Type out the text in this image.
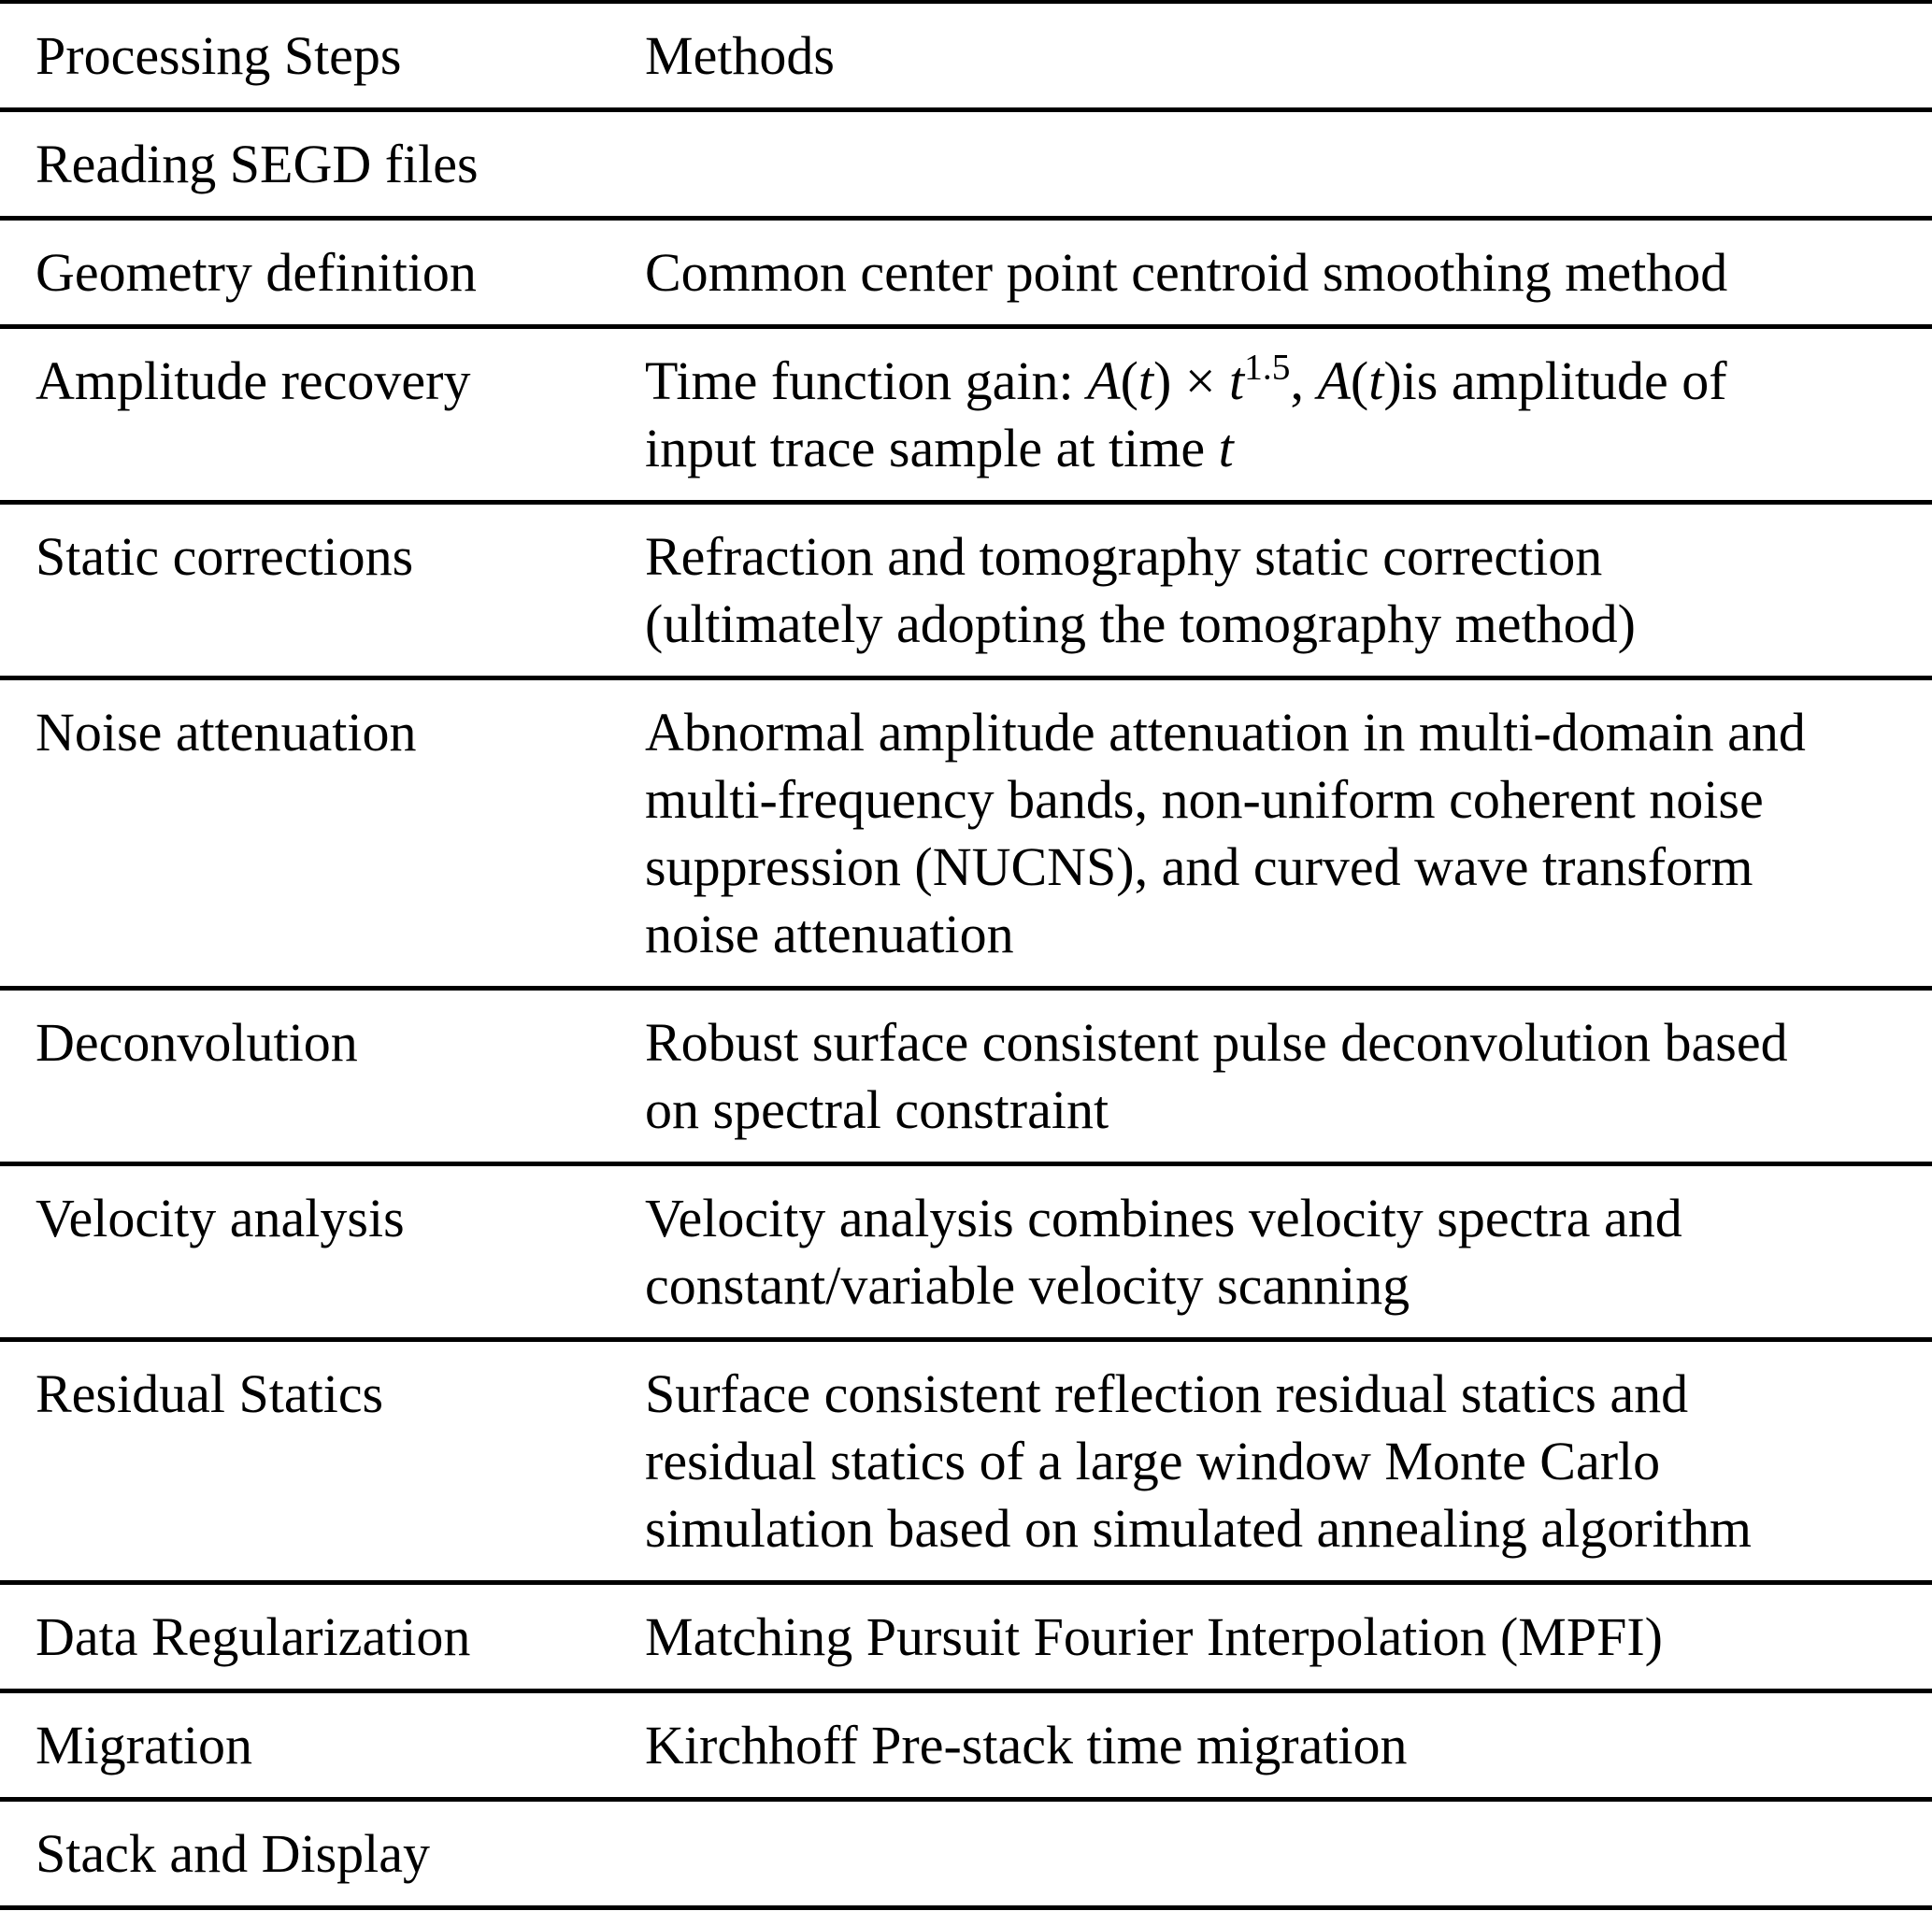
Processing Steps	Methods
Reading SEGD files	
Geometry definition	Common center point centroid smoothing method

Amplitude recovery	Time function gain: $A(t) \times t^{1.5}$, A(t)is amplitude of
input trace sample at time t

Static corrections	Refraction and tomography static correction
(ultimately adopting the tomography method)

Noise attenuation	Abnormal amplitude attenuation in multi-domain and
multi-frequency bands, non-uniform coherent noise
suppression (NUCNS), and curved wave transform
noise attenuation

Deconvolution	Robust surface consistent pulse deconvolution based
on spectral constraint

Velocity analysis	Velocity analysis combines velocity spectra and
constant/variable velocity scanning

Residual Statics	Surface consistent reflection residual statics and
residual statics of a large window Monte Carlo
simulation based on simulated annealing algorithm

Data Regularization	Matching Pursuit Fourier Interpolation (MPFI)

Migration	Kirchhoff Pre-stack time migration

Stack and Display	
